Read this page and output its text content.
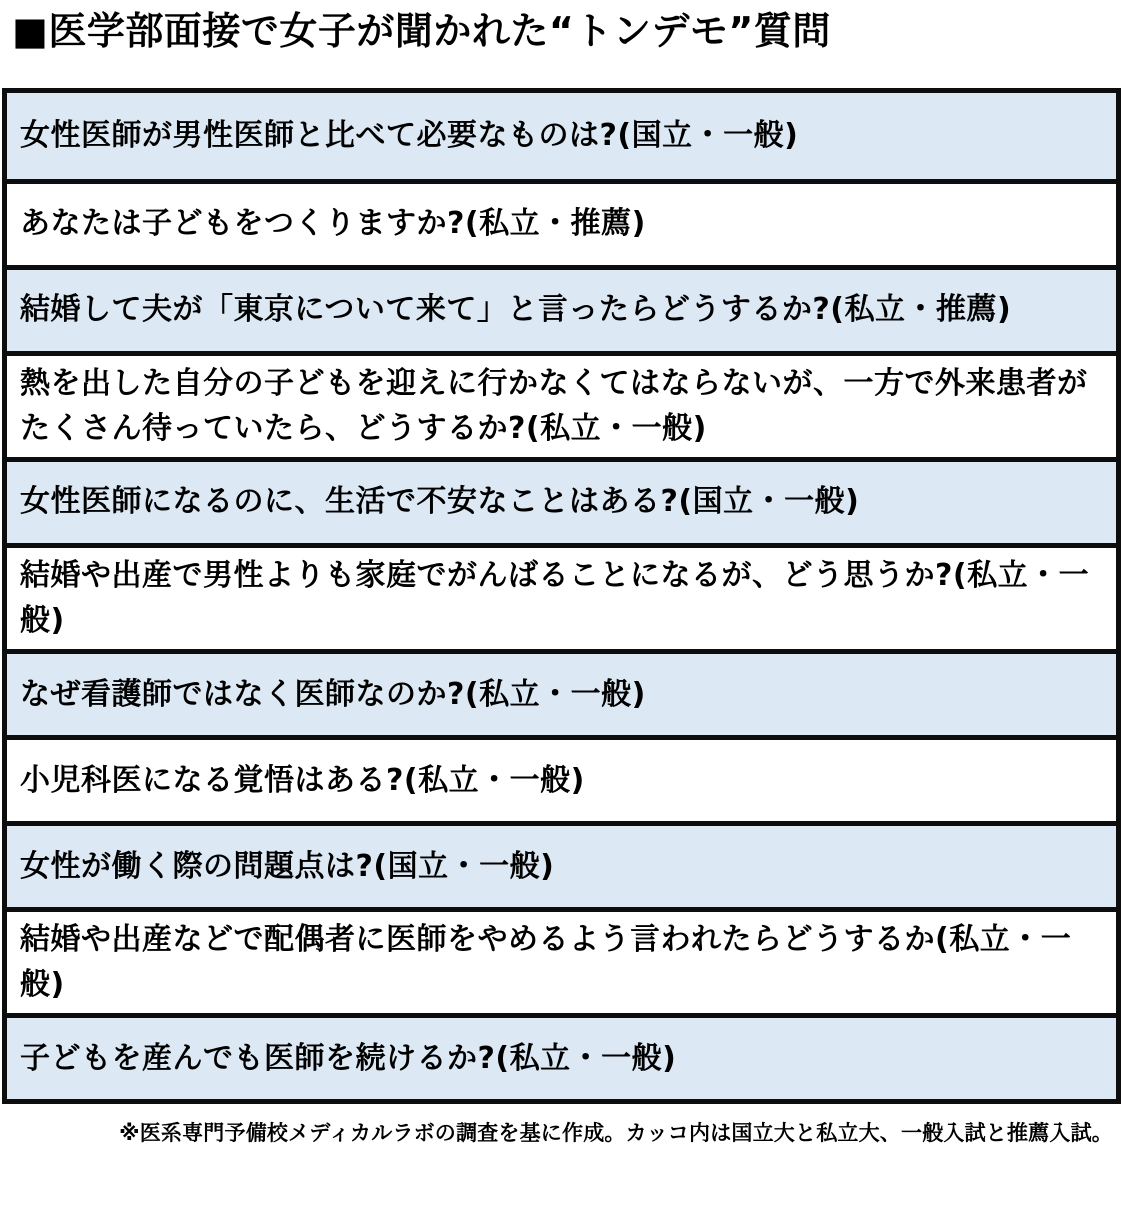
■医学部面接で女子が聞かれた“トンデモ”質問
女性医師が男性医師と比べて必要なものは?(国立・一般)
あなたは子どもをつくりますか?(私立・推薦)
結婚して夫が「東京について来て」と言ったらどうするか?(私立・推薦)
熱を出した自分の子どもを迎えに行かなくてはならないが、一方で外来患者がたくさん待っていたら、どうするか?(私立・一般)
女性医師になるのに、生活で不安なことはある?(国立・一般)
結婚や出産で男性よりも家庭でがんばることになるが、どう思うか?(私立・一般)
なぜ看護師ではなく医師なのか?(私立・一般)
小児科医になる覚悟はある?(私立・一般)
女性が働く際の問題点は?(国立・一般)
結婚や出産などで配偶者に医師をやめるよう言われたらどうするか(私立・一般)
子どもを産んでも医師を続けるか?(私立・一般)
※医系専門予備校メディカルラボの調査を基に作成。カッコ内は国立大と私立大、一般入試と推薦入試。
